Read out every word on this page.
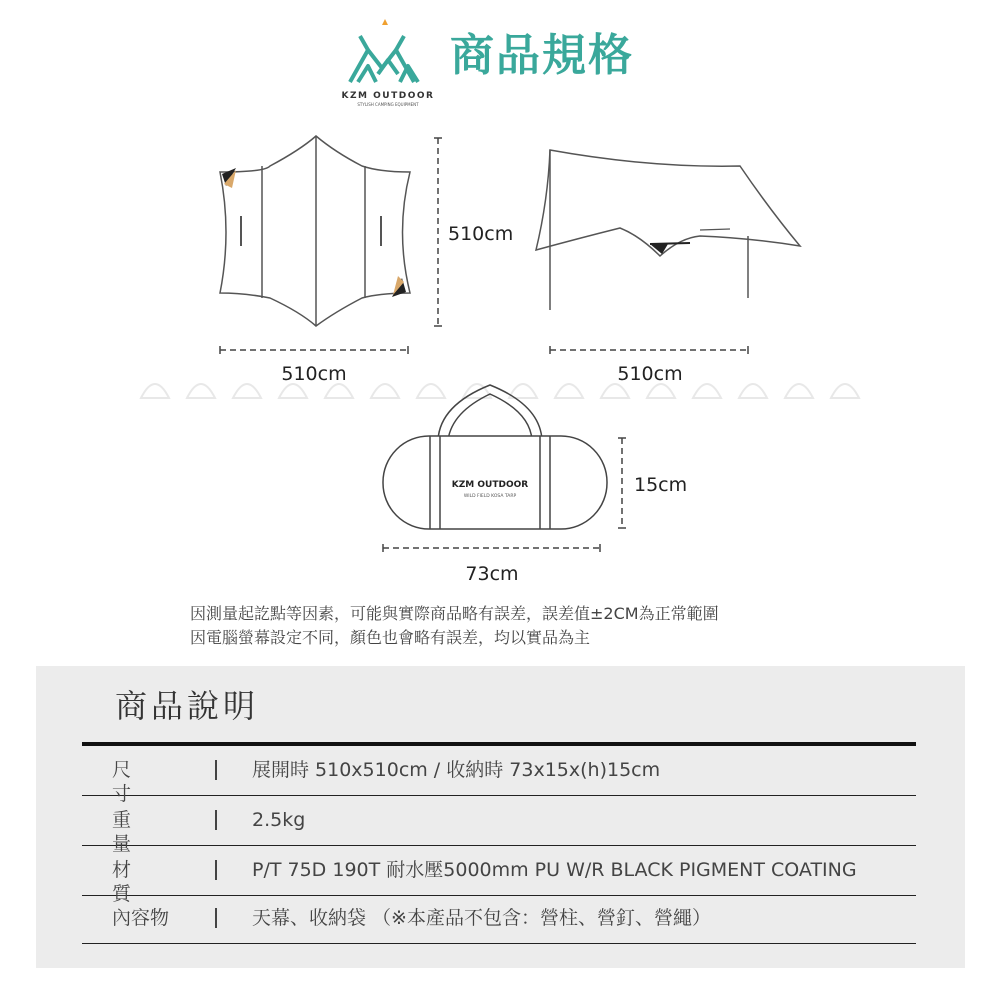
KZM OUTDOOR
STYLISH CAMPING EQUIPMENT
商品規格
510cm
510cm	510cm
KZM OUTDOOR
WILD FIELD KOSA TARP
15cm
73cm
因測量起訖點等因素，可能與實際商品略有誤差，誤差值±2CM為正常範圍
因電腦螢幕設定不同，顏色也會略有誤差，均以實品為主
商品說明
尺寸
展開時 510x510cm / 收納時 73x15x(h)15cm
重量
2.5kg
材質
P/T 75D 190T 耐水壓5000mm PU W/R BLACK PIGMENT COATING
內容物	天幕、收納袋 （※本產品不包含：營柱、營釘、營繩）
